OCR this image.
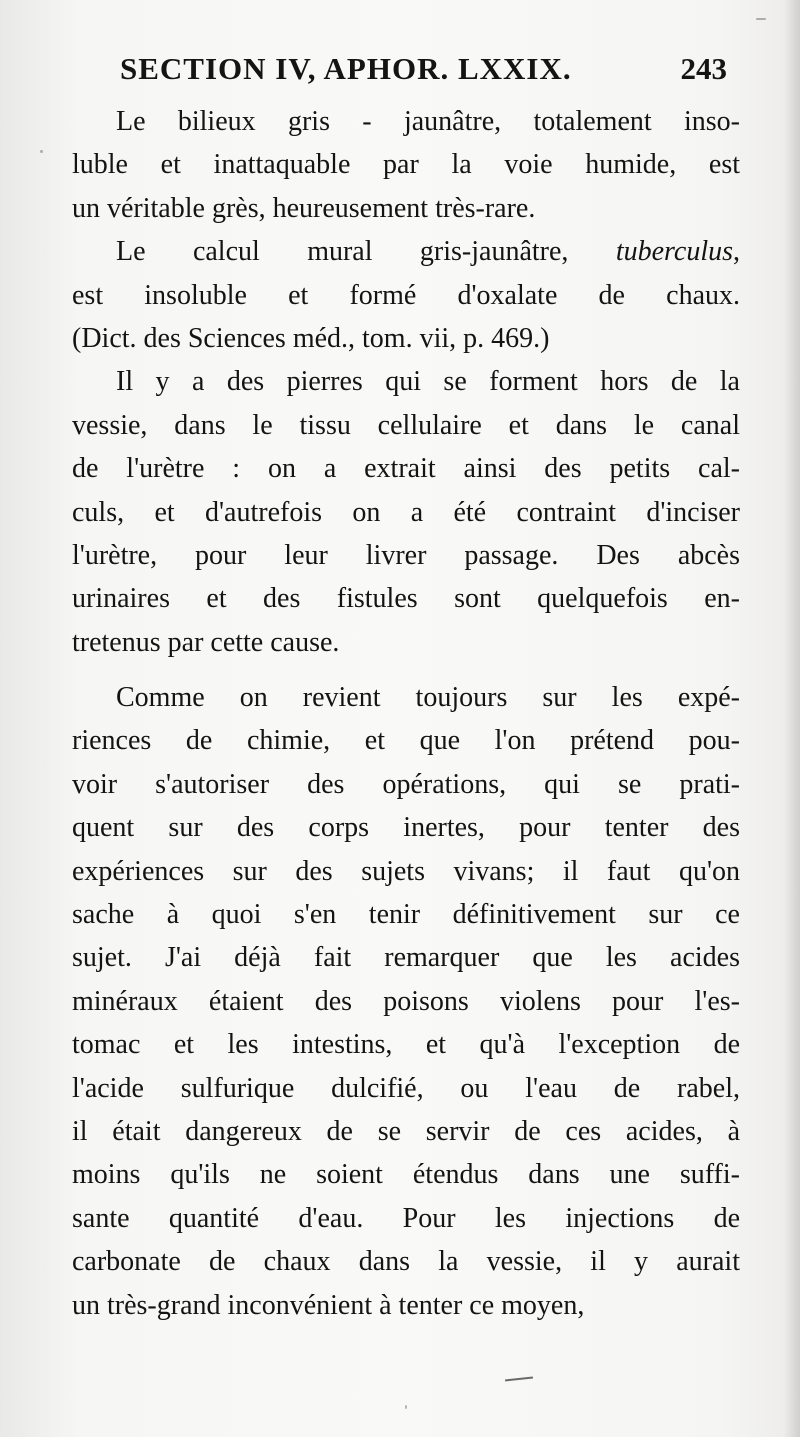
SECTION IV, APHOR. LXXIX.	243
Le bilieux gris - jaunâtre, totalement inso-
luble et inattaquable par la voie humide, est
un véritable grès, heureusement très-rare.
Le calcul mural gris-jaunâtre, tuberculus,
est insoluble et formé d'oxalate de chaux.
(Dict. des Sciences méd., tom. vii, p. 469.)
Il y a des pierres qui se forment hors de la
vessie, dans le tissu cellulaire et dans le canal
de l'urètre : on a extrait ainsi des petits cal-
culs, et d'autrefois on a été contraint d'inciser
l'urètre, pour leur livrer passage. Des abcès
urinaires et des fistules sont quelquefois en-
tretenus par cette cause.
Comme on revient toujours sur les expé-
riences de chimie, et que l'on prétend pou-
voir s'autoriser des opérations, qui se prati-
quent sur des corps inertes, pour tenter des
expériences sur des sujets vivans; il faut qu'on
sache à quoi s'en tenir définitivement sur ce
sujet. J'ai déjà fait remarquer que les acides
minéraux étaient des poisons violens pour l'es-
tomac et les intestins, et qu'à l'exception de
l'acide sulfurique dulcifié, ou l'eau de rabel,
il était dangereux de se servir de ces acides, à
moins qu'ils ne soient étendus dans une suffi-
sante quantité d'eau. Pour les injections de
carbonate de chaux dans la vessie, il y aurait
un très-grand inconvénient à tenter ce moyen,
